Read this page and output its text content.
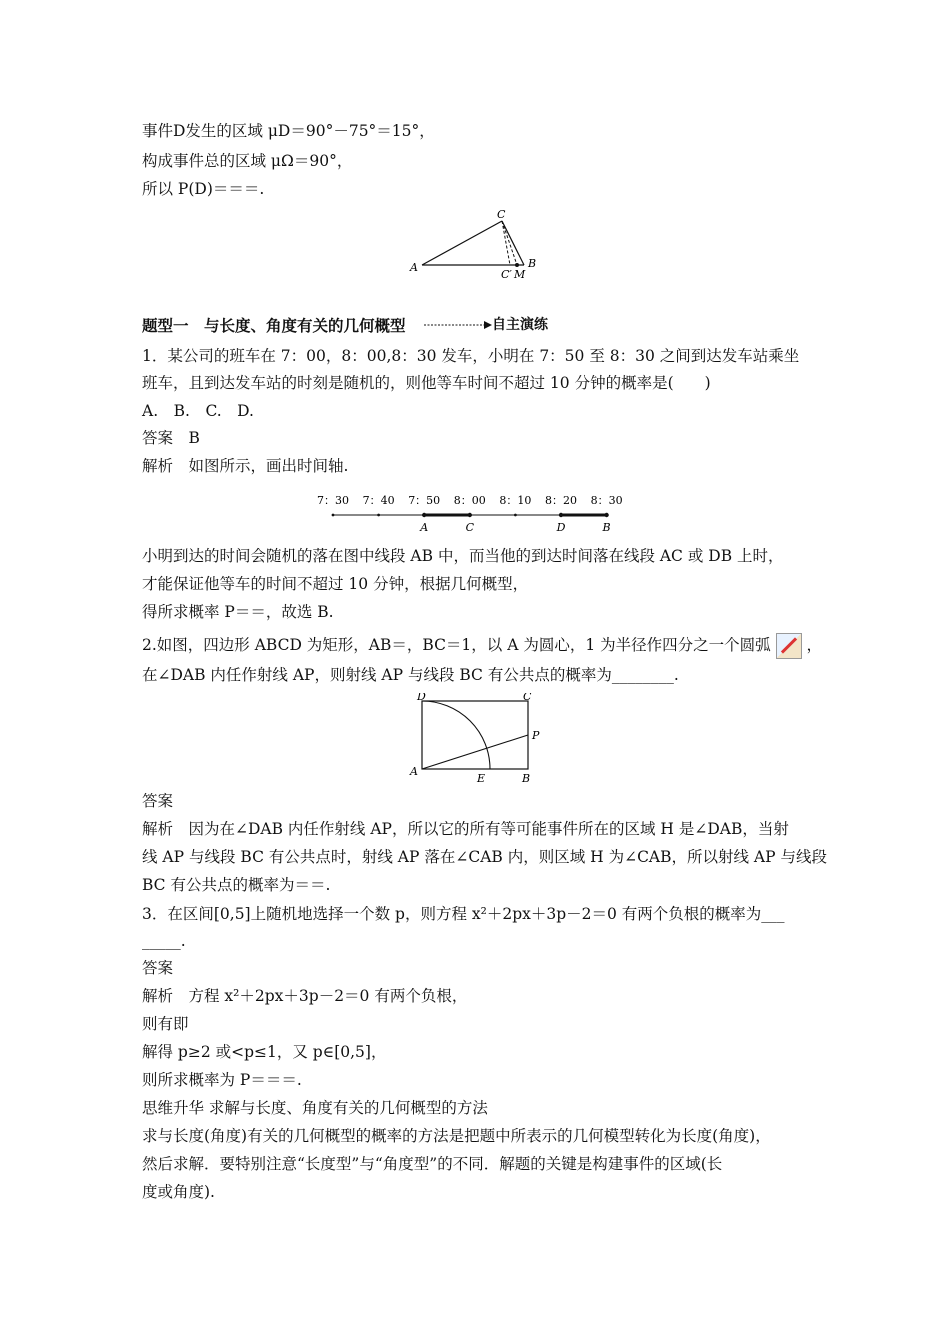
事件D发生的区域 μD＝90°－75°＝15°，
构成事件总的区域 μΩ＝90°，
所以 P(D)＝＝＝.
A
C
B
C′ M
题型一　与长度、角度有关的几何概型	自主演练
1．某公司的班车在 7：00，8：00,8：30 发车，小明在 7：50 至 8：30 之间到达发车站乘坐
班车，且到达发车站的时刻是随机的，则他等车时间不超过 10 分钟的概率是(　　)
A.　B.　C.　D.
答案　B
解析　如图所示，画出时间轴.
7：30 7：40 7：50 8：00 8：10 8：20 8：30
A	C	D	B
小明到达的时间会随机的落在图中线段 AB 中，而当他的到达时间落在线段 AC 或 DB 上时，
才能保证他等车的时间不超过 10 分钟，根据几何概型，
得所求概率 P＝＝，故选 B.
2.如图，四边形 ABCD 为矩形，AB＝，BC＝1，以 A 为圆心，1 为半径作四分之一个圆弧 ，
在∠DAB 内任作射线 AP，则射线 AP 与线段 BC 有公共点的概率为________.
D	C
A
E	B
P
答案
解析　因为在∠DAB 内任作射线 AP，所以它的所有等可能事件所在的区域 H 是∠DAB，当射
线 AP 与线段 BC 有公共点时，射线 AP 落在∠CAB 内，则区域 H 为∠CAB，所以射线 AP 与线段
BC 有公共点的概率为＝＝.
3．在区间[0,5]上随机地选择一个数 p，则方程 x²＋2px＋3p－2＝0 有两个负根的概率为___
_____.
答案
解析　方程 x²＋2px＋3p－2＝0 有两个负根，
则有即
解得 p≥2 或<p≤1，又 p∈[0,5]，
则所求概率为 P＝＝＝.
思维升华 求解与长度、角度有关的几何概型的方法
求与长度(角度)有关的几何概型的概率的方法是把题中所表示的几何模型转化为长度(角度)，
然后求解．要特别注意“长度型”与“角度型”的不同．解题的关键是构建事件的区域(长
度或角度).
